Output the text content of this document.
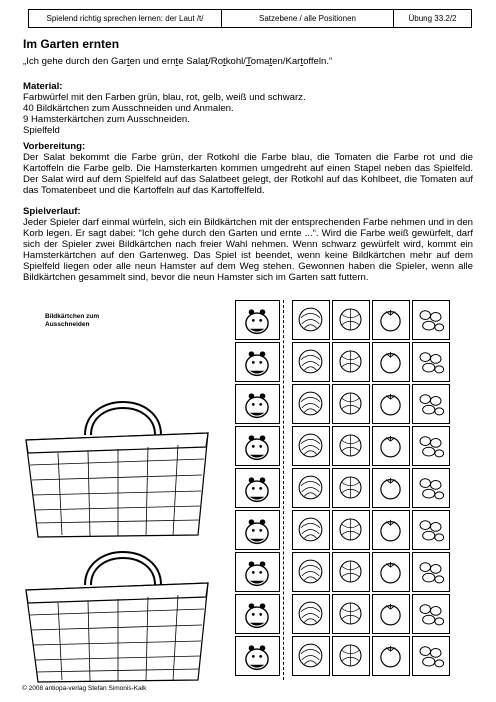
Spielend richtig sprechen lernen: der Laut /t/	Satzebene / alle Positionen	Übung 33.2/2
Im Garten ernten
„Ich gehe durch den Garten und ernte Salat/Rotkohl/Tomaten/Kartoffeln.“
Material:
Farbwürfel mit den Farben grün, blau, rot, gelb, weiß und schwarz.
40 Bildkärtchen zum Ausschneiden und Anmalen.
9 Hamsterkärtchen zum Ausschneiden.
Spielfeld
Vorbereitung:
Der Salat bekommt die Farbe grün, der Rotkohl die Farbe blau, die Tomaten die Farbe rot und die Kartoffeln die Farbe gelb. Die Hamsterkarten kommen umgedreht auf einen Stapel neben das Spielfeld. Der Salat wird auf dem Spielfeld auf das Salatbeet gelegt, der Rotkohl auf das Kohlbeet, die Tomaten auf das Tomatenbeet und die Kartoffeln auf das Kartoffelfeld.
Spielverlauf:
Jeder Spieler darf einmal würfeln, sich ein Bildkärtchen mit der entsprechenden Farbe nehmen und in den Korb legen. Er sagt dabei: “Ich gehe durch den Garten und ernte ...“. Wird die Farbe weiß gewürfelt, darf sich der Spieler zwei Bildkärtchen nach freier Wahl nehmen. Wenn schwarz gewürfelt wird, kommt ein Hamsterkärtchen auf den Gartenweg. Das Spiel ist beendet, wenn keine Bildkärtchen mehr auf dem Spielfeld liegen oder alle neun Hamster auf dem Weg stehen. Gewonnen haben die Spieler, wenn alle Bildkärtchen gesammelt sind, bevor die neun Hamster sich im Garten satt futtern.
Bildkärtchen zum Ausschneiden
© 2008 antiopa-verlag Stefan Simonis-Kalk
